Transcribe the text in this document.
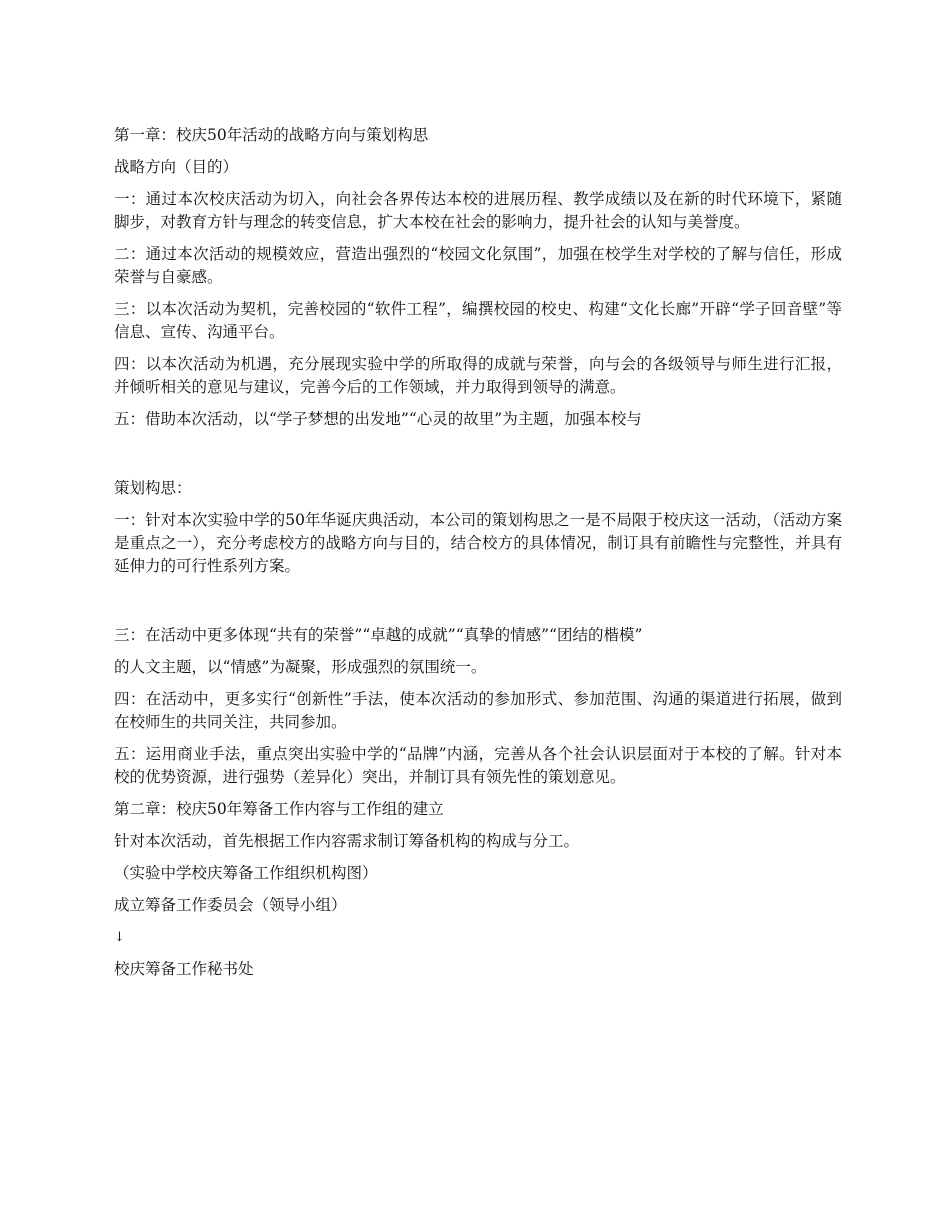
第一章：校庆50年活动的战略方向与策划构思

战略方向（目的）

一：通过本次校庆活动为切入，向社会各界传达本校的进展历程、教学成绩以及在新的时代环境下，紧随脚步，对教育方针与理念的转变信息，扩大本校在社会的影响力，提升社会的认知与美誉度。

二：通过本次活动的规模效应，营造出强烈的“校园文化氛围”，加强在校学生对学校的了解与信任，形成荣誉与自豪感。

三：以本次活动为契机，完善校园的“软件工程”，编撰校园的校史、构建“文化长廊”开辟“学子回音壁”等信息、宣传、沟通平台。

四：以本次活动为机遇，充分展现实验中学的所取得的成就与荣誉，向与会的各级领导与师生进行汇报，并倾听相关的意见与建议，完善今后的工作领域，并力取得到领导的满意。

五：借助本次活动，以“学子梦想的出发地”“心灵的故里”为主题，加强本校与

策划构思：

一：针对本次实验中学的50年华诞庆典活动，本公司的策划构思之一是不局限于校庆这一活动，（活动方案是重点之一），充分考虑校方的战略方向与目的，结合校方的具体情况，制订具有前瞻性与完整性，并具有延伸力的可行性系列方案。

三：在活动中更多体现“共有的荣誉”“卓越的成就”“真挚的情感”“团结的楷模”

的人文主题，以“情感”为凝聚，形成强烈的氛围统一。

四：在活动中，更多实行“创新性”手法，使本次活动的参加形式、参加范围、沟通的渠道进行拓展，做到在校师生的共同关注，共同参加。

五：运用商业手法，重点突出实验中学的“品牌”内涵，完善从各个社会认识层面对于本校的了解。针对本校的优势资源，进行强势（差异化）突出，并制订具有领先性的策划意见。

第二章：校庆50年筹备工作内容与工作组的建立

针对本次活动，首先根据工作内容需求制订筹备机构的构成与分工。

（实验中学校庆筹备工作组织机构图）

成立筹备工作委员会（领导小组）

↓

校庆筹备工作秘书处
